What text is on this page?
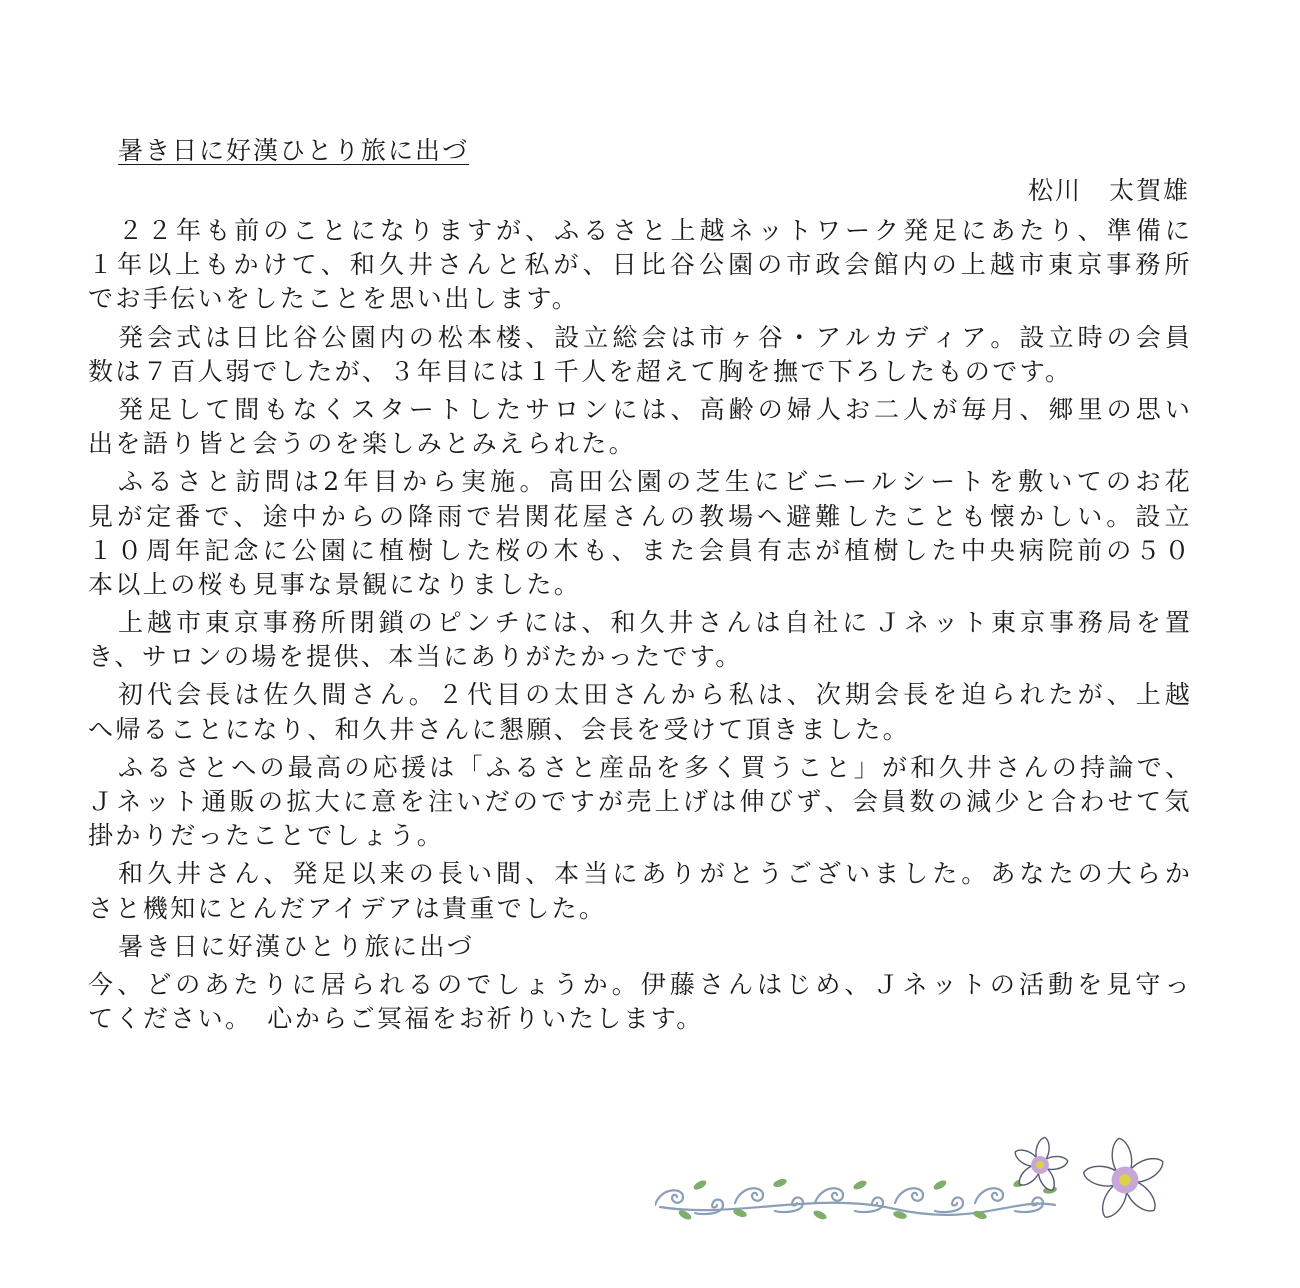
暑き日に好漢ひとり旅に出づ
松川　太賀雄
２ ２ 年 も 前 の こ と に な り ま す が 、 ふ る さ と 上 越 ネ ッ ト ワ ー ク 発 足 に あ た り 、 準 備 に
１ 年 以 上 も か け て 、 和 久 井 さ ん と 私 が 、 日 比 谷 公 園 の 市 政 会 館 内 の 上 越 市 東 京 事 務 所
でお手伝いをしたことを思い出します。
発 会 式 は 日 比 谷 公 園 内 の 松 本 楼 、 設 立 総 会 は 市 ヶ 谷 ・ ア ル カ デ ィ ア 。 設 立 時 の 会 員
数は７百人弱でしたが、３年目には１千人を超えて胸を撫で下ろしたものです。
発 足 し て 間 も な く ス タ ー ト し た サ ロ ン に は 、 高 齢 の 婦 人 お 二 人 が 毎 月 、 郷 里 の 思 い
出を語り皆と会うのを楽しみとみえられた。
ふ る さ と 訪 問 は 2 年 目 か ら 実 施 。 高 田 公 園 の 芝 生 に ビ ニ ー ル シ ー ト を 敷 い て の お 花
見 が 定 番 で 、 途 中 か ら の 降 雨 で 岩 関 花 屋 さ ん の 教 場 へ 避 難 し た こ と も 懐 か し い 。 設 立
１ ０ 周 年 記 念 に 公 園 に 植 樹 し た 桜 の 木 も 、 ま た 会 員 有 志 が 植 樹 し た 中 央 病 院 前 の ５ ０
本以上の桜も見事な景観になりました。
上 越 市 東 京 事 務 所 閉 鎖 の ピ ン チ に は 、 和 久 井 さ ん は 自 社 に Ｊ ネ ッ ト 東 京 事 務 局 を 置
き、サロンの場を提供、本当にありがたかったです。
初 代 会 長 は 佐 久 間 さ ん 。 ２ 代 目 の 太 田 さ ん か ら 私 は 、 次 期 会 長 を 迫 ら れ た が 、 上 越
へ帰ることになり、和久井さんに懇願、会長を受けて頂きました。
ふ る さ と へ の 最 高 の 応 援 は 「 ふ る さ と 産 品 を 多 く 買 う こ と 」 が 和 久 井 さ ん の 持 論 で 、
Ｊ ネ ッ ト 通 販 の 拡 大 に 意 を 注 い だ の で す が 売 上 げ は 伸 び ず 、 会 員 数 の 減 少 と 合 わ せ て 気
掛かりだったことでしょう。
和 久 井 さ ん 、 発 足 以 来 の 長 い 間 、 本 当 に あ り が と う ご ざ い ま し た 。 あ な た の 大 ら か
さと機知にとんだアイデアは貴重でした。
暑き日に好漢ひとり旅に出づ
今 、 ど の あ た り に 居 ら れ る の で し ょ う か 。 伊 藤 さ ん は じ め 、 Ｊ ネ ッ ト の 活 動 を 見 守 っ
てください。　心からご冥福をお祈りいたします。
